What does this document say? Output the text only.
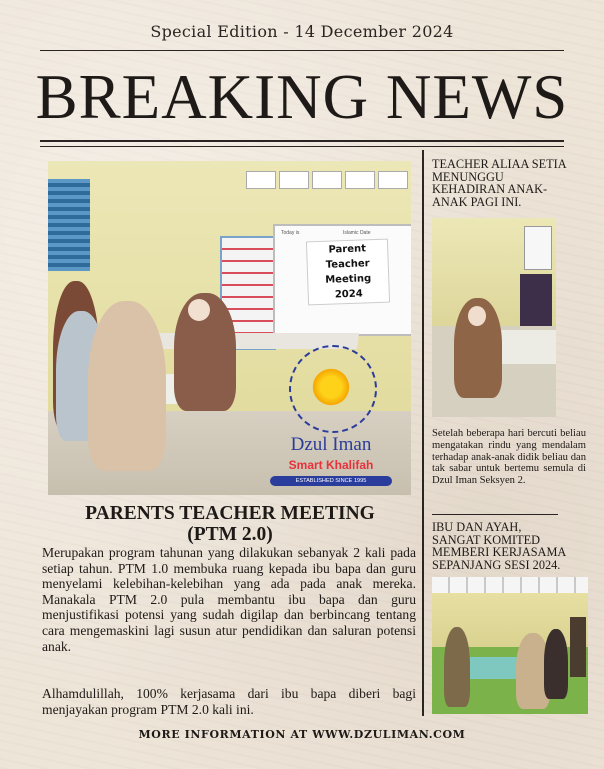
Special Edition - 14 December 2024
BREAKING NEWS
Today is	Islamic Date
Parent
Teacher
Meeting
2024
Dzul Iman
Smart Khalifah
ESTABLISHED SINCE 1995
PARENTS TEACHER MEETING
(PTM 2.0)
Merupakan program tahunan yang dilakukan sebanyak 2 kali pada setiap tahun. PTM 1.0 membuka ruang kepada ibu bapa dan guru menyelami kelebihan-kelebihan yang ada pada anak mereka. Manakala PTM 2.0 pula membantu ibu bapa dan guru menjustifikasi potensi yang sudah digilap dan berbincang tentang cara mengemaskini lagi susun atur pendidikan dan saluran potensi anak.
Alhamdulillah, 100% kerjasama dari ibu bapa diberi bagi menjayakan program PTM 2.0 kali ini.
TEACHER ALIAA SETIA MENUNGGU KEHADIRAN ANAK-ANAK PAGI INI.
Setelah beberapa hari bercuti beliau mengatakan rindu yang mendalam terhadap anak-anak didik beliau dan tak sabar untuk bertemu semula di Dzul Iman Seksyen 2.
IBU DAN AYAH, SANGAT KOMITED MEMBERI KERJASAMA SEPANJANG SESI 2024.
MORE INFORMATION AT WWW.DZULIMAN.COM
